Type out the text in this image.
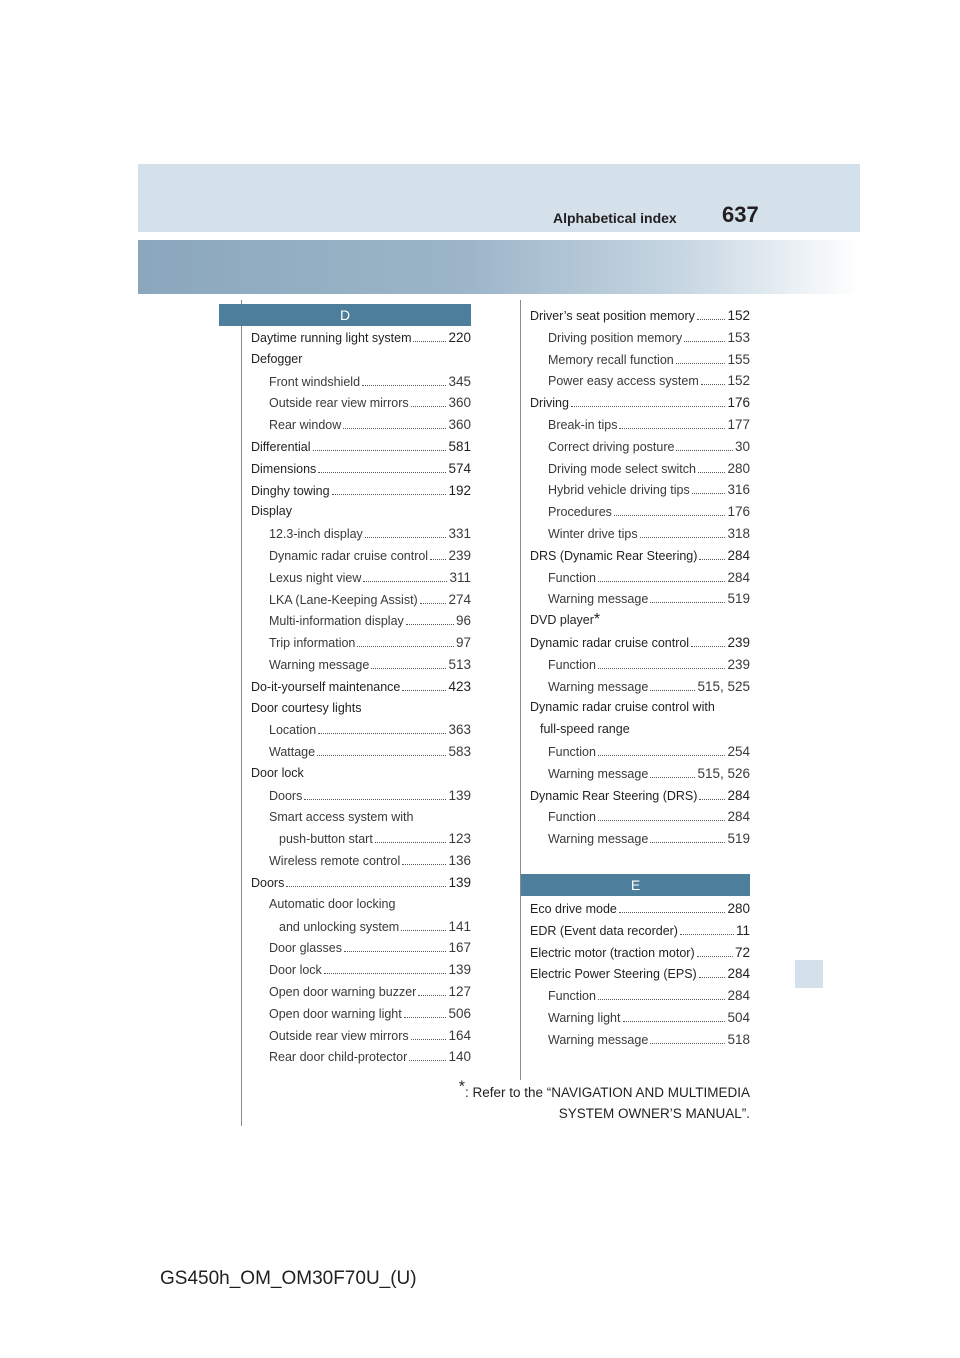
Alphabetical index 637
D
E
Daytime running light system	220
Defogger
Front windshield	345
Outside rear view mirrors	360
Rear window	360
Differential	581
Dimensions	574
Dinghy towing	192
Display
12.3-inch display	331
Dynamic radar cruise control 239
Lexus night view	311
LKA (Lane-Keeping Assist) 274
Multi-information display	96
Trip information	97
Warning message	513
Do-it-yourself maintenance	423
Door courtesy lights
Location	363
Wattage	583
Door lock
Doors	139
Smart access system with
push-button start	123
Wireless remote control	136
Doors	139
Automatic door locking
and unlocking system	141
Door glasses	167
Door lock	139
Open door warning buzzer 127
Open door warning light	506
Outside rear view mirrors	164
Rear door child-protector	140
Driver’s seat position memory 152
Driving position memory	153
Memory recall function	155
Power easy access system 152
Driving	176
Break-in tips	177
Correct driving posture	30
Driving mode select switch 280
Hybrid vehicle driving tips	316
Procedures	176
Winter drive tips	318
DRS (Dynamic Rear Steering) 284
Function	284
Warning message	519
DVD player *
Dynamic radar cruise control	239
Function	239
Warning message	515, 525
Dynamic radar cruise control with
full-speed range
Function	254
Warning message	515, 526
Dynamic Rear Steering (DRS) 284
Function	284
Warning message	519
Eco drive mode	280
EDR (Event data recorder)	11
Electric motor (traction motor)	72
Electric Power Steering (EPS) 284
Function	284
Warning light	504
Warning message	518
*: Refer to the “NAVIGATION AND MULTIMEDIA
SYSTEM OWNER’S MANUAL”.
GS450h_OM_OM30F70U_(U)
